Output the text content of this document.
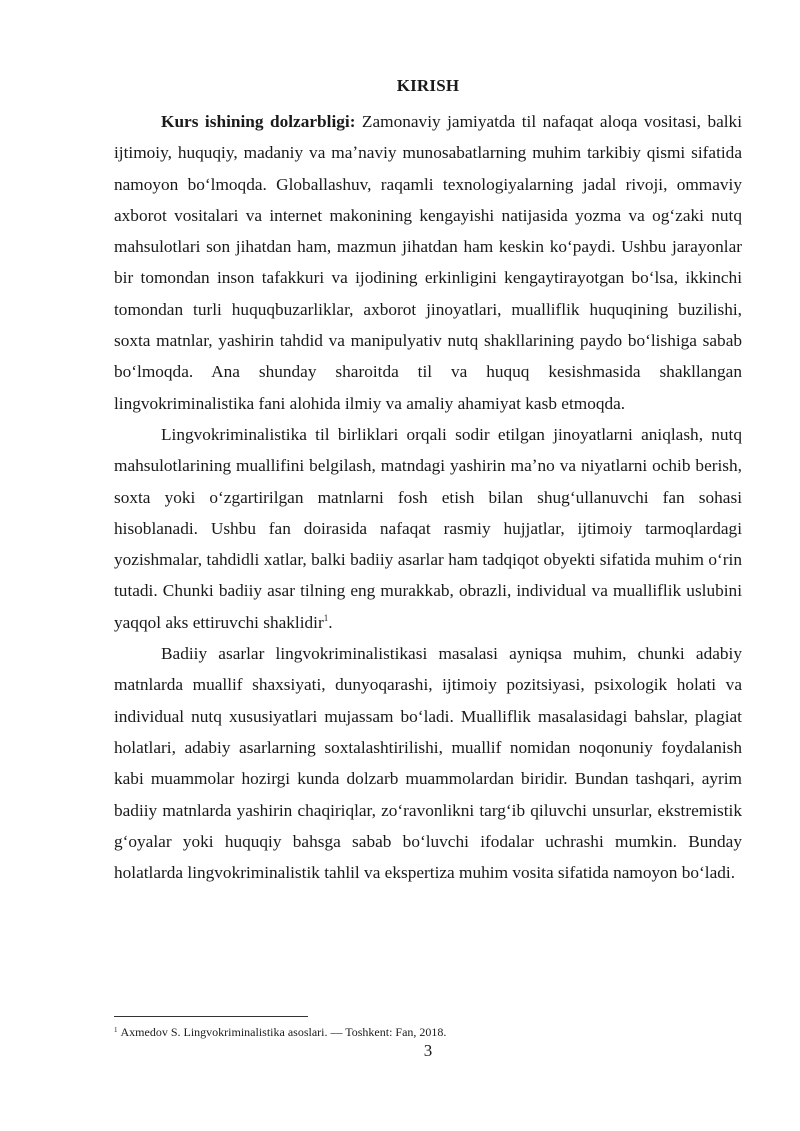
KIRISH

Kurs ishining dolzarbligi: Zamonaviy jamiyatda til nafaqat aloqa vositasi, balki ijtimoiy, huquqiy, madaniy va maʼnaviy munosabatlarning muhim tarkibiy qismi sifatida namoyon boʻlmoqda. Globallashuv, raqamli texnologiyalarning jadal rivoji, ommaviy axborot vositalari va internet makonining kengayishi natijasida yozma va ogʻzaki nutq mahsulotlari son jihatdan ham, mazmun jihatdan ham keskin koʻpaydi. Ushbu jarayonlar bir tomondan inson tafakkuri va ijodining erkinligini kengaytirayotgan boʻlsa, ikkinchi tomondan turli huquqbuzarliklar, axborot jinoyatlari, mualliflik huquqining buzilishi, soxta matnlar, yashirin tahdid va manipulyativ nutq shakllarining paydo boʻlishiga sabab boʻlmoqda. Ana shunday sharoitda til va huquq kesishmasida shakllangan lingvokriminalistika fani alohida ilmiy va amaliy ahamiyat kasb etmoqda.

Lingvokriminalistika til birliklari orqali sodir etilgan jinoyatlarni aniqlash, nutq mahsulotlarining muallifini belgilash, matndagi yashirin maʼno va niyatlarni ochib berish, soxta yoki oʻzgartirilgan matnlarni fosh etish bilan shugʻullanuvchi fan sohasi hisoblanadi. Ushbu fan doirasida nafaqat rasmiy hujjatlar, ijtimoiy tarmoqlardagi yozishmalar, tahdidli xatlar, balki badiiy asarlar ham tadqiqot obyekti sifatida muhim oʻrin tutadi. Chunki badiiy asar tilning eng murakkab, obrazli, individual va mualliflik uslubini yaqqol aks ettiruvchi shaklidir$^1$.

Badiiy asarlar lingvokriminalistikasi masalasi ayniqsa muhim, chunki adabiy matnlarda muallif shaxsiyati, dunyoqarashi, ijtimoiy pozitsiyasi, psixologik holati va individual nutq xususiyatlari mujassam boʻladi. Mualliflik masalasidagi bahslar, plagiat holatlari, adabiy asarlarning soxtalashtirilishi, muallif nomidan noqonuniy foydalanish kabi muammolar hozirgi kunda dolzarb muammolardan biridir. Bundan tashqari, ayrim badiiy matnlarda yashirin chaqiriqlar, zoʻravonlikni targʻib qiluvchi unsurlar, ekstremistik gʻoyalar yoki huquqiy bahsga sabab boʻluvchi ifodalar uchrashi mumkin. Bunday holatlarda lingvokriminalistik tahlil va ekspertiza muhim vosita sifatida namoyon boʻladi.

$^1$ Axmedov S. Lingvokriminalistika asoslari. — Toshkent: Fan, 2018.
3
